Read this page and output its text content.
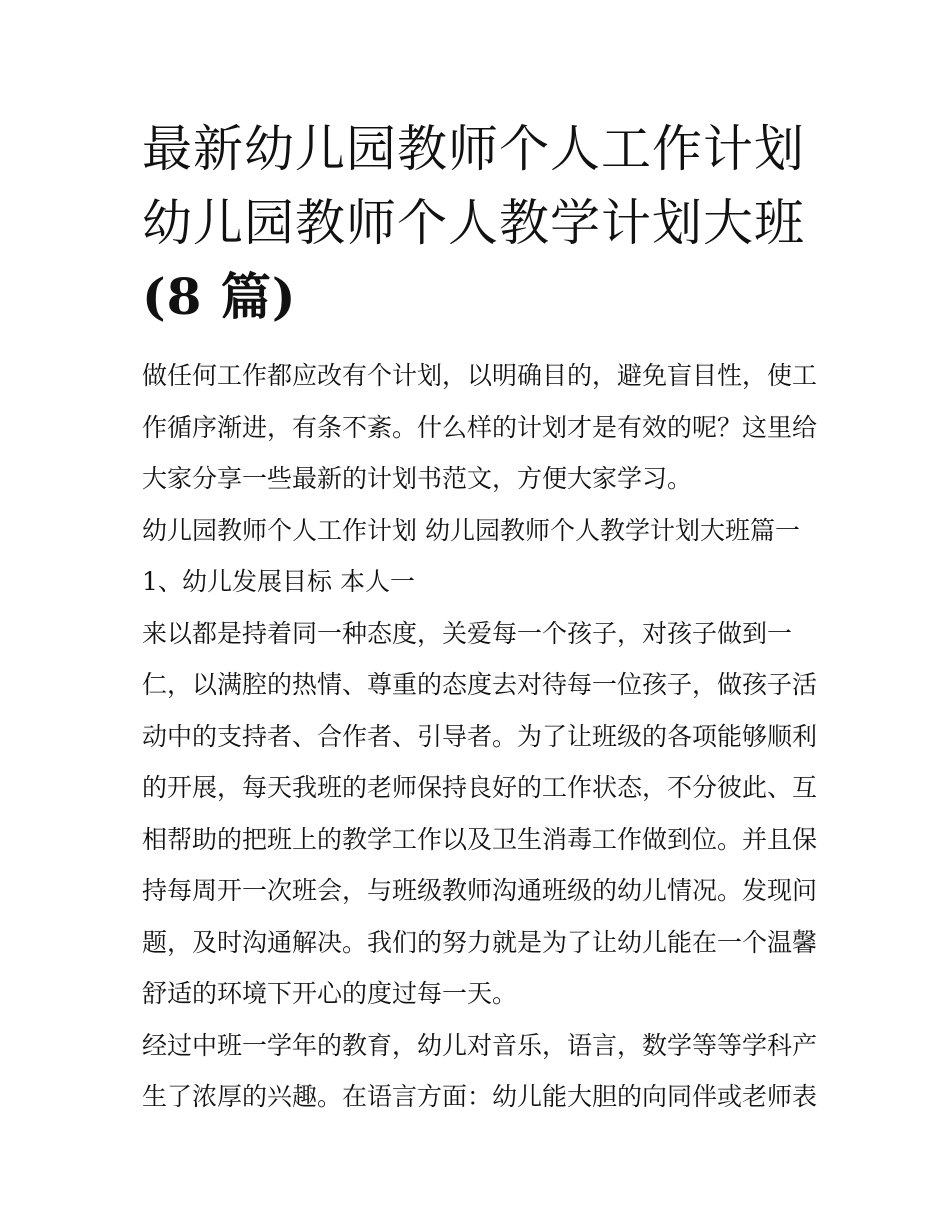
最新幼儿园教师个人工作计划

幼儿园教师个人教学计划大班

(8 篇)

做任何工作都应改有个计划，以明确目的，避免盲目性，使工

作循序渐进，有条不紊。什么样的计划才是有效的呢？这里给

大家分享一些最新的计划书范文，方便大家学习。

幼儿园教师个人工作计划 幼儿园教师个人教学计划大班篇一

1、 幼儿发展目标 本人一

来以都是持着同一种态度，关爱每一个孩子，对孩子做到一

仁，以满腔的热情、尊重的态度去对待每一位孩子，做孩子活

动中的支持者、合作者、引导者。为了让班级的各项能够顺利

的开展，每天我班的老师保持良好的工作状态，不分彼此、互

相帮助的把班上的教学工作以及卫生消毒工作做到位。并且保

持每周开一次班会，与班级教师沟通班级的幼儿情况。发现问

题，及时沟通解决。我们的努力就是为了让幼儿能在一个温馨

舒适的环境下开心的度过每一天。

经过中班一学年的教育，幼儿对音乐，语言，数学等等学科产

生了浓厚的兴趣。在语言方面：幼儿能大胆的向同伴或老师表
